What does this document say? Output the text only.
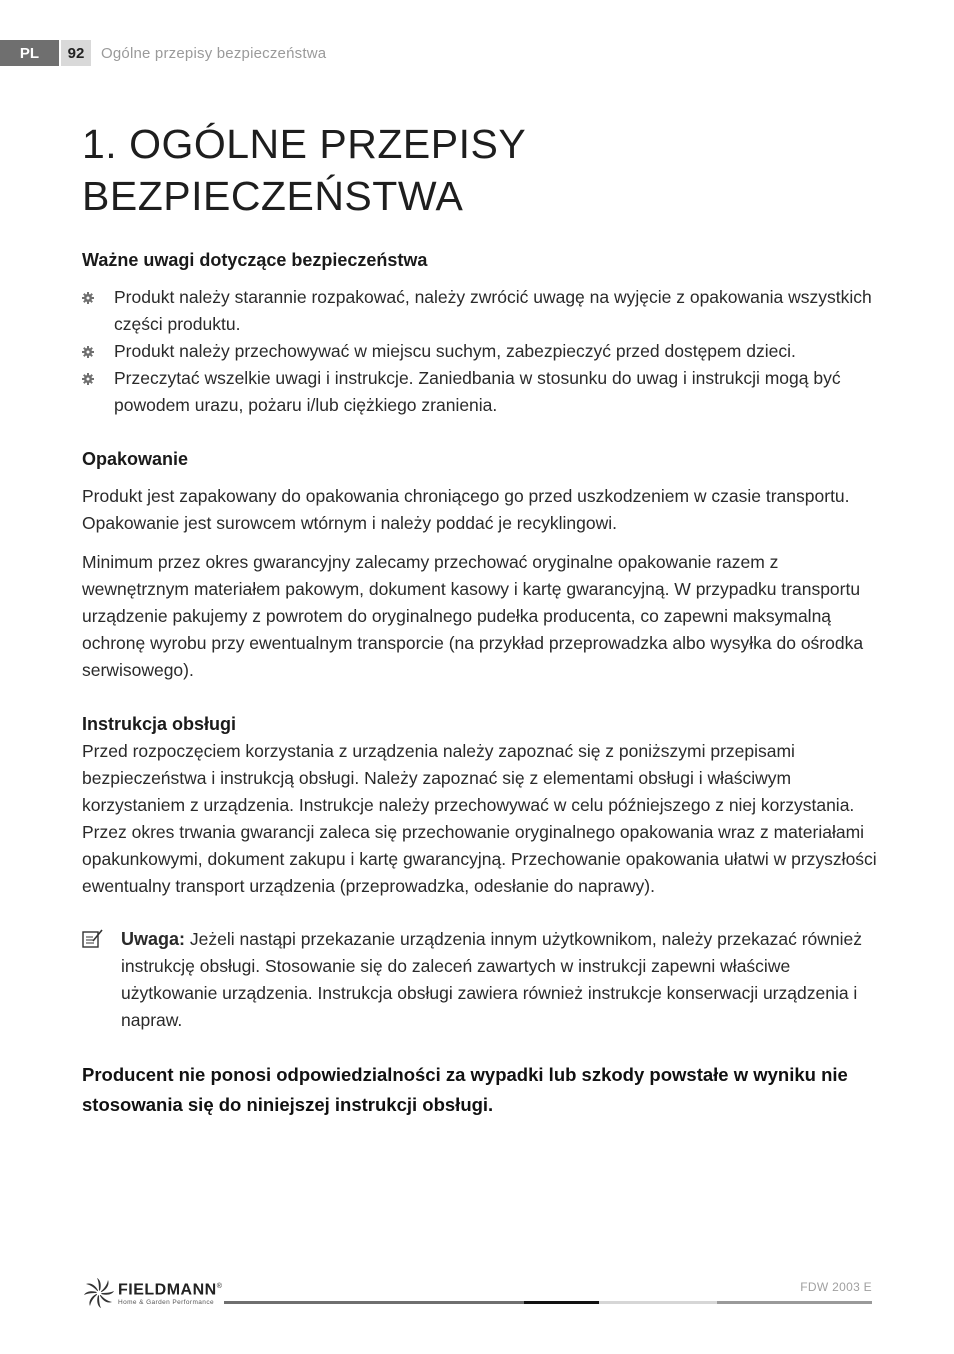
PL	92	Ogólne przepisy bezpieczeństwa
1. OGÓLNE PRZEPISY BEZPIECZEŃSTWA
Ważne uwagi dotyczące bezpieczeństwa
Produkt należy starannie rozpakować, należy zwrócić uwagę na wyjęcie z opakowania wszystkich części produktu.
Produkt należy przechowywać w miejscu suchym, zabezpieczyć przed dostępem dzieci.
Przeczytać wszelkie uwagi i instrukcje. Zaniedbania w stosunku do uwag i instrukcji mogą być powodem urazu, pożaru i/lub ciężkiego zranienia.
Opakowanie

Produkt jest zapakowany do opakowania chroniącego go przed uszkodzeniem w czasie transportu. Opakowanie jest surowcem wtórnym i należy poddać je recyklingowi.

Minimum przez okres gwarancyjny zalecamy przechować oryginalne opakowanie razem z wewnętrznym materiałem pakowym, dokument kasowy i kartę gwarancyjną. W przypadku transportu urządzenie pakujemy z powrotem do oryginalnego pudełka producenta, co zapewni maksymalną ochronę wyrobu przy ewentualnym transporcie (na przykład przeprowadzka albo wysyłka do ośrodka serwisowego).

Instrukcja obsługi

Przed rozpoczęciem korzystania z urządzenia należy zapoznać się z poniższymi przepisami bezpieczeństwa i instrukcją obsługi. Należy zapoznać się z elementami obsługi i właściwym korzystaniem z urządzenia. Instrukcje należy przechowywać w celu późniejszego z niej korzystania. Przez okres trwania gwarancji zaleca się przechowanie oryginalnego opakowania wraz z materiałami opakunkowymi, dokument zakupu i kartę gwarancyjną. Przechowanie opakowania ułatwi w przyszłości ewentualny transport urządzenia (przeprowadzka, odesłanie do naprawy).

Uwaga: Jeżeli nastąpi przekazanie urządzenia innym użytkownikom, należy przekazać również instrukcję obsługi. Stosowanie się do zaleceń zawartych w instrukcji zapewni właściwe użytkowanie urządzenia. Instrukcja obsługi zawiera również instrukcje konserwacji urządzenia i napraw.

Producent nie ponosi odpowiedzialności za wypadki lub szkody powstałe w wyniku nie stosowania się do niniejszej instrukcji obsługi.
FIELDMANN®
Home & Garden Performance
FDW 2003 E
